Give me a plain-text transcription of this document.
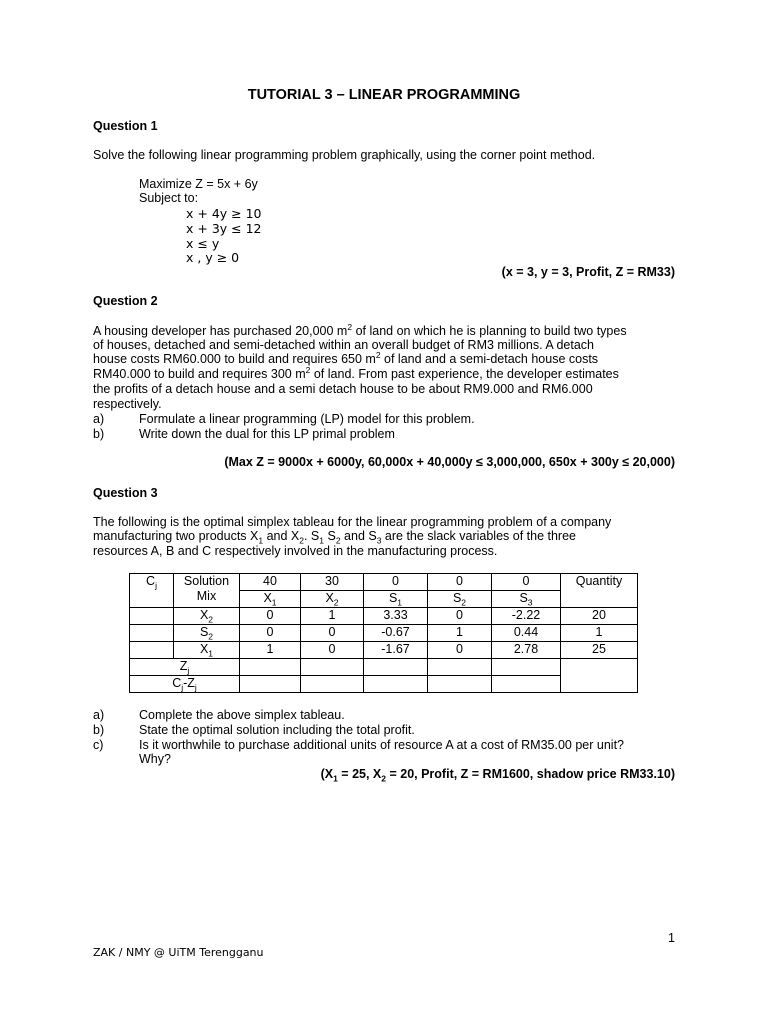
TUTORIAL 3 – LINEAR PROGRAMMING
Question 1
Solve the following linear programming problem graphically, using the corner point method.
Maximize Z = 5x + 6y
Subject to:
x + 4y ≥ 10
x + 3y ≤ 12
x ≤ y
x , y ≥ 0
(x = 3, y = 3, Profit, Z = RM33)
Question 2
A housing developer has purchased 20,000 $m^2$ of land on which he is planning to build two types
of houses, detached and semi-detached within an overall budget of RM3 millions. A detach
house costs RM60.000 to build and requires 650 $m^2$ of land and a semi-detach house costs
RM40.000 to build and requires 300 $m^2$ of land. From past experience, the developer estimates
the profits of a detach house and a semi detach house to be about RM9.000 and RM6.000
respectively.
a)	Formulate a linear programming (LP) model for this problem.
b)	Write down the dual for this LP primal problem
(Max Z = 9000x + 6000y, 60,000x + 40,000y ≤ 3,000,000, 650x + 300y ≤ 20,000)
Question 3
The following is the optimal simplex tableau for the linear programming problem of a company
manufacturing two products $X_1$ and $X_2$. $S_1$ $S_2$ and $S_3$ are the slack variables of the three
resources A, B and C respectively involved in the manufacturing process.
$C_j$	Solution
Mix	40	30	0	0	0	Quantity
		$X_1$	$X_2$	$S_1$	$S_2$	$S_3$
	$X_2$	0	1	3.33	0	-2.22	20
	$S_2$	0	0	-0.67	1	0.44	1
	$X_1$	1	0	-1.67	0	2.78	25
$Z_j$						
$C_j-Z_j$					
a)	Complete the above simplex tableau.
b)	State the optimal solution including the total profit.
c)	Is it worthwhile to purchase additional units of resource A at a cost of RM35.00 per unit?
Why?
($X_1 = 25$, $X_2 = 20$, Profit, Z = RM1600, shadow price RM33.10)
1
ZAK / NMY @ UiTM Terengganu
